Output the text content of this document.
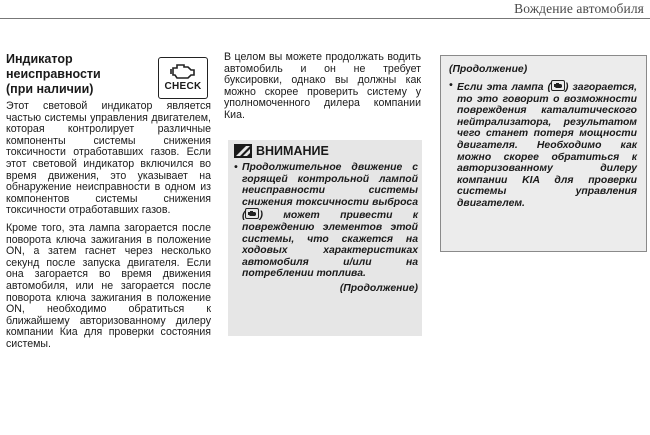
Вождение автомобиля
Индикатор
неисправности
(при наличии)	CHECK

Этот световой индикатор является частью системы управления двигателем, которая контролирует различные компоненты системы снижения токсичности отработавших газов. Если этот световой индикатор включился во время движения, это указывает на обнаружение неисправности в одном из компонентов системы снижения токсичности отработавших газов.

Кроме того, эта лампа загорается после поворота ключа зажигания в положение ON, а затем гаснет через несколько секунд после запуска двигателя. Если она загорается во время движения автомобиля, или не загорается после поворота ключа зажигания в положение ON, необходимо обратиться к ближайшему авторизованному дилеру компании Киа для проверки состояния системы.

В целом вы можете продолжать водить автомобиль и он не требует буксировки, однако вы должны как можно скорее проверить систему у уполномоченного дилера компании Киа.

ВНИМАНИЕ
• Продолжительное движение с горящей контрольной лампой неисправности системы снижения токсичности выброса ( ) может привести к повреждению элементов этой системы, что скажется на ходовых характеристиках автомобиля и/или на потреблении топлива.

(Продолжение)

(Продолжение)

• Если эта лампа ( ) загорается, то это говорит о возможности повреждения каталитического нейтрализатора, результатом чего станет потеря мощности двигателя. Необходимо как можно скорее обратиться к авторизованному дилеру компании KIA для проверки системы управления двигателем.
